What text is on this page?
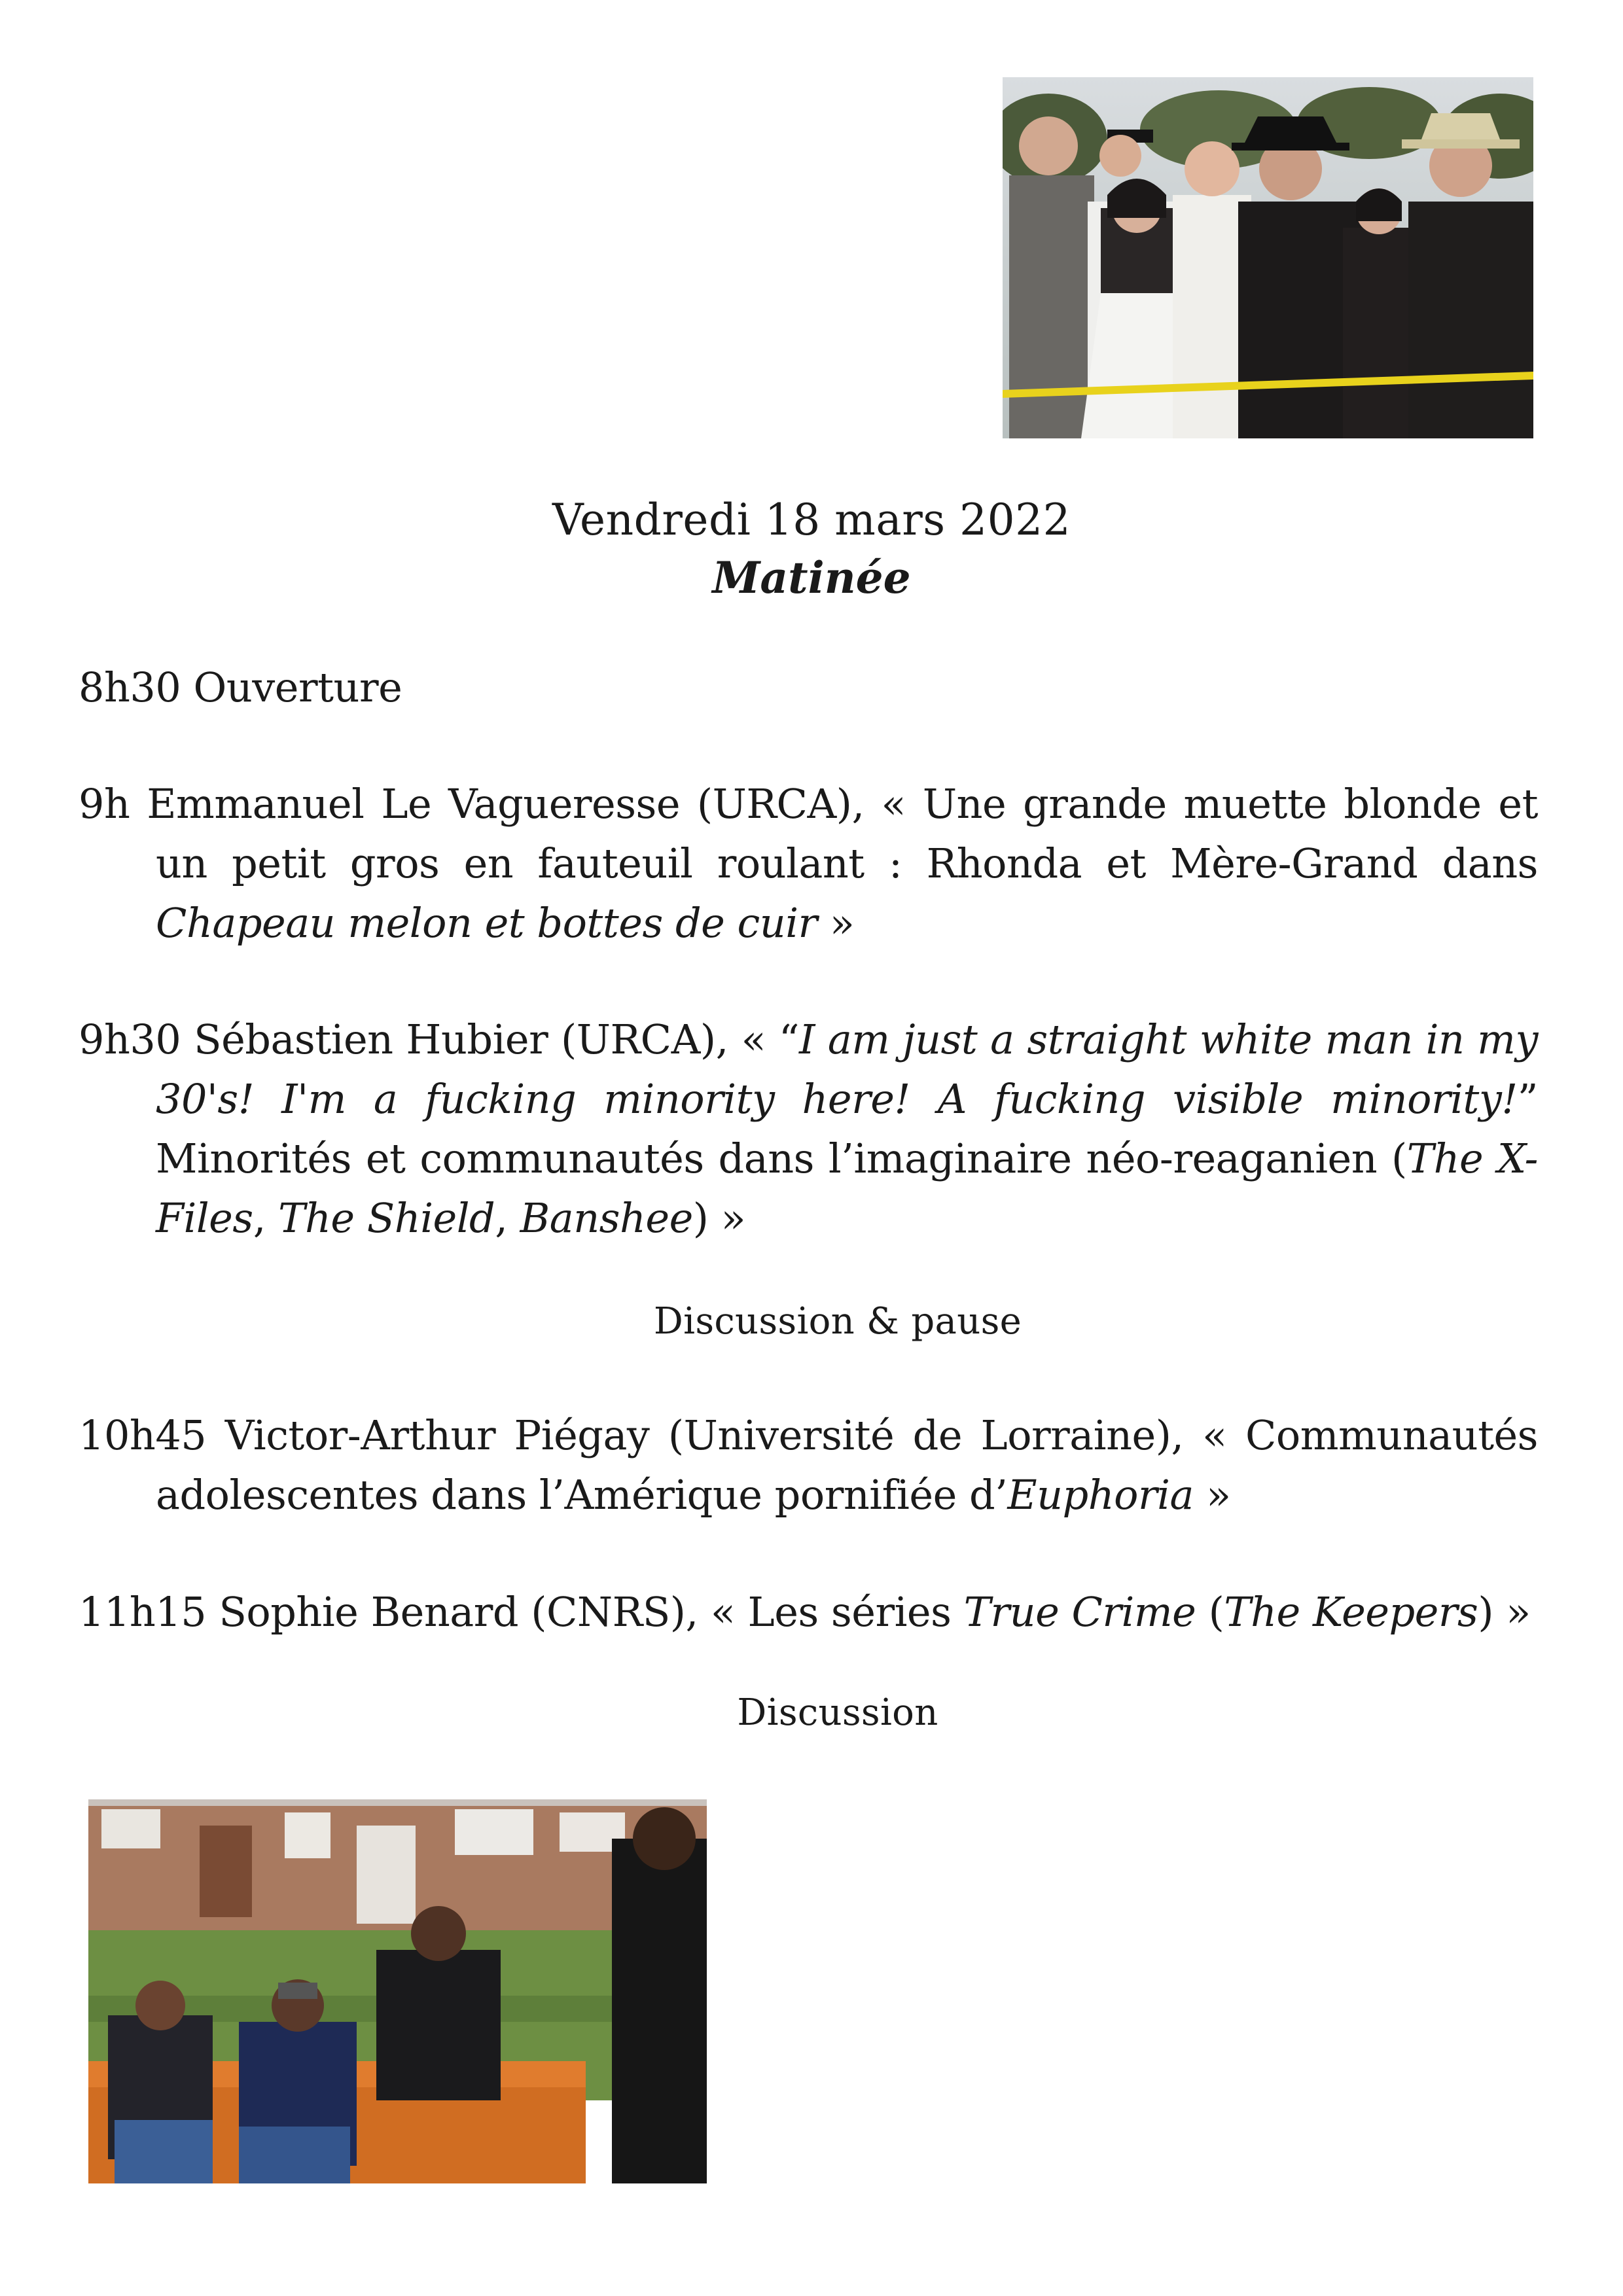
Vendredi 18 mars 2022
Matinée
8h30 Ouverture
9h Emmanuel Le Vagueresse (URCA), « Une grande muette blonde et un petit gros en fauteuil roulant : Rhonda et Mère-Grand dans Chapeau melon et bottes de cuir »
9h30 Sébastien Hubier (URCA), « “I am just a straight white man in my 30's! I'm a fucking minority here! A fucking visible minority!” Minorités et communautés dans l’imaginaire néo-reaganien (The X-Files, The Shield, Banshee) »
Discussion & pause
10h45 Victor-Arthur Piégay (Université de Lorraine), « Communautés adolescentes dans l’Amérique pornifiée d’Euphoria »
11h15 Sophie Benard (CNRS), « Les séries True Crime (The Keepers) »
Discussion
